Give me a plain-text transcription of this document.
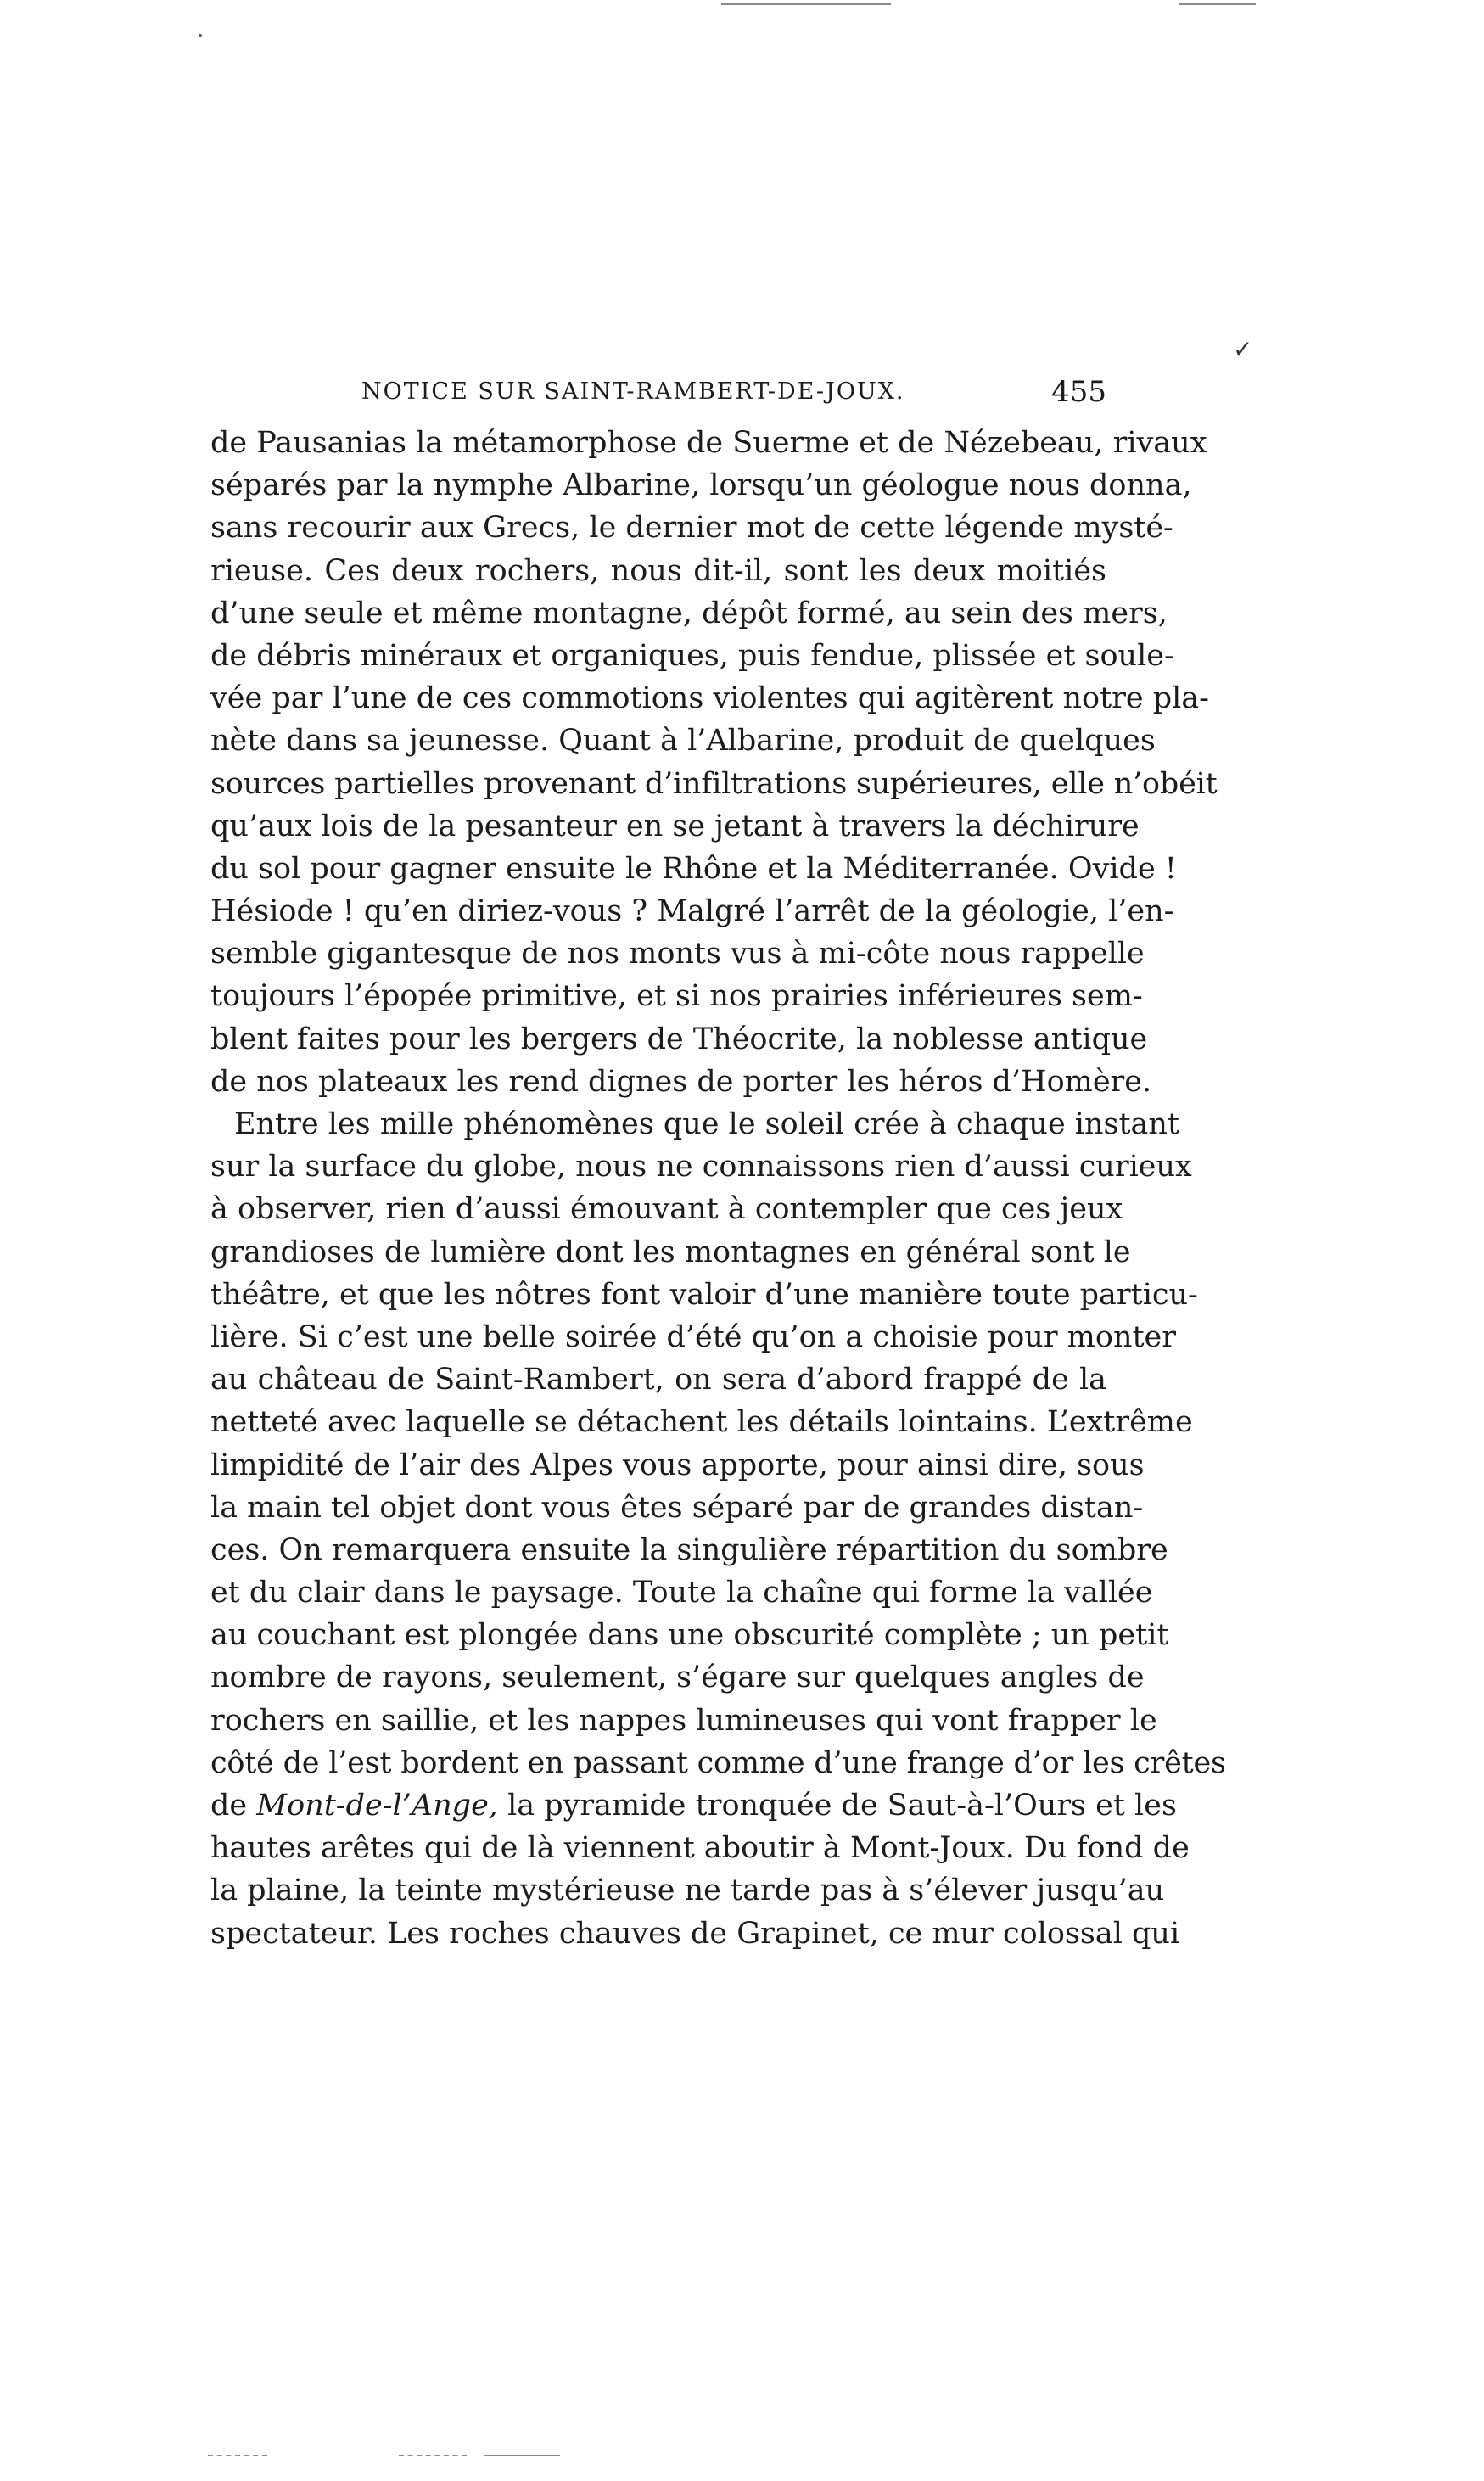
✓
NOTICE SUR SAINT-RAMBERT-DE-JOUX.	455
de Pausanias la métamorphose de Suerme et de Nézebeau, rivaux
séparés par la nymphe Albarine, lorsqu’un géologue nous donna,
sans recourir aux Grecs, le dernier mot de cette légende mysté-
rieuse. Ces deux rochers, nous dit-il, sont les deux moitiés
d’une seule et même montagne, dépôt formé, au sein des mers,
de débris minéraux et organiques, puis fendue, plissée et soule-
vée par l’une de ces commotions violentes qui agitèrent notre pla-
nète dans sa jeunesse. Quant à l’Albarine, produit de quelques
sources partielles provenant d’infiltrations supérieures, elle n’obéit
qu’aux lois de la pesanteur en se jetant à travers la déchirure
du sol pour gagner ensuite le Rhône et la Méditerranée. Ovide !
Hésiode ! qu’en diriez-vous ? Malgré l’arrêt de la géologie, l’en-
semble gigantesque de nos monts vus à mi-côte nous rappelle
toujours l’épopée primitive, et si nos prairies inférieures sem-
blent faites pour les bergers de Théocrite, la noblesse antique
de nos plateaux les rend dignes de porter les héros d’Homère.
Entre les mille phénomènes que le soleil crée à chaque instant
sur la surface du globe, nous ne connaissons rien d’aussi curieux
à observer, rien d’aussi émouvant à contempler que ces jeux
grandioses de lumière dont les montagnes en général sont le
théâtre, et que les nôtres font valoir d’une manière toute particu-
lière. Si c’est une belle soirée d’été qu’on a choisie pour monter
au château de Saint-Rambert, on sera d’abord frappé de la
netteté avec laquelle se détachent les détails lointains. L’extrême
limpidité de l’air des Alpes vous apporte, pour ainsi dire, sous
la main tel objet dont vous êtes séparé par de grandes distan-
ces. On remarquera ensuite la singulière répartition du sombre
et du clair dans le paysage. Toute la chaîne qui forme la vallée
au couchant est plongée dans une obscurité complète ; un petit
nombre de rayons, seulement, s’égare sur quelques angles de
rochers en saillie, et les nappes lumineuses qui vont frapper le
côté de l’est bordent en passant comme d’une frange d’or les crêtes
de Mont-de-l’Ange, la pyramide tronquée de Saut-à-l’Ours et les
hautes arêtes qui de là viennent aboutir à Mont-Joux. Du fond de
la plaine, la teinte mystérieuse ne tarde pas à s’élever jusqu’au
spectateur. Les roches chauves de Grapinet, ce mur colossal qui
